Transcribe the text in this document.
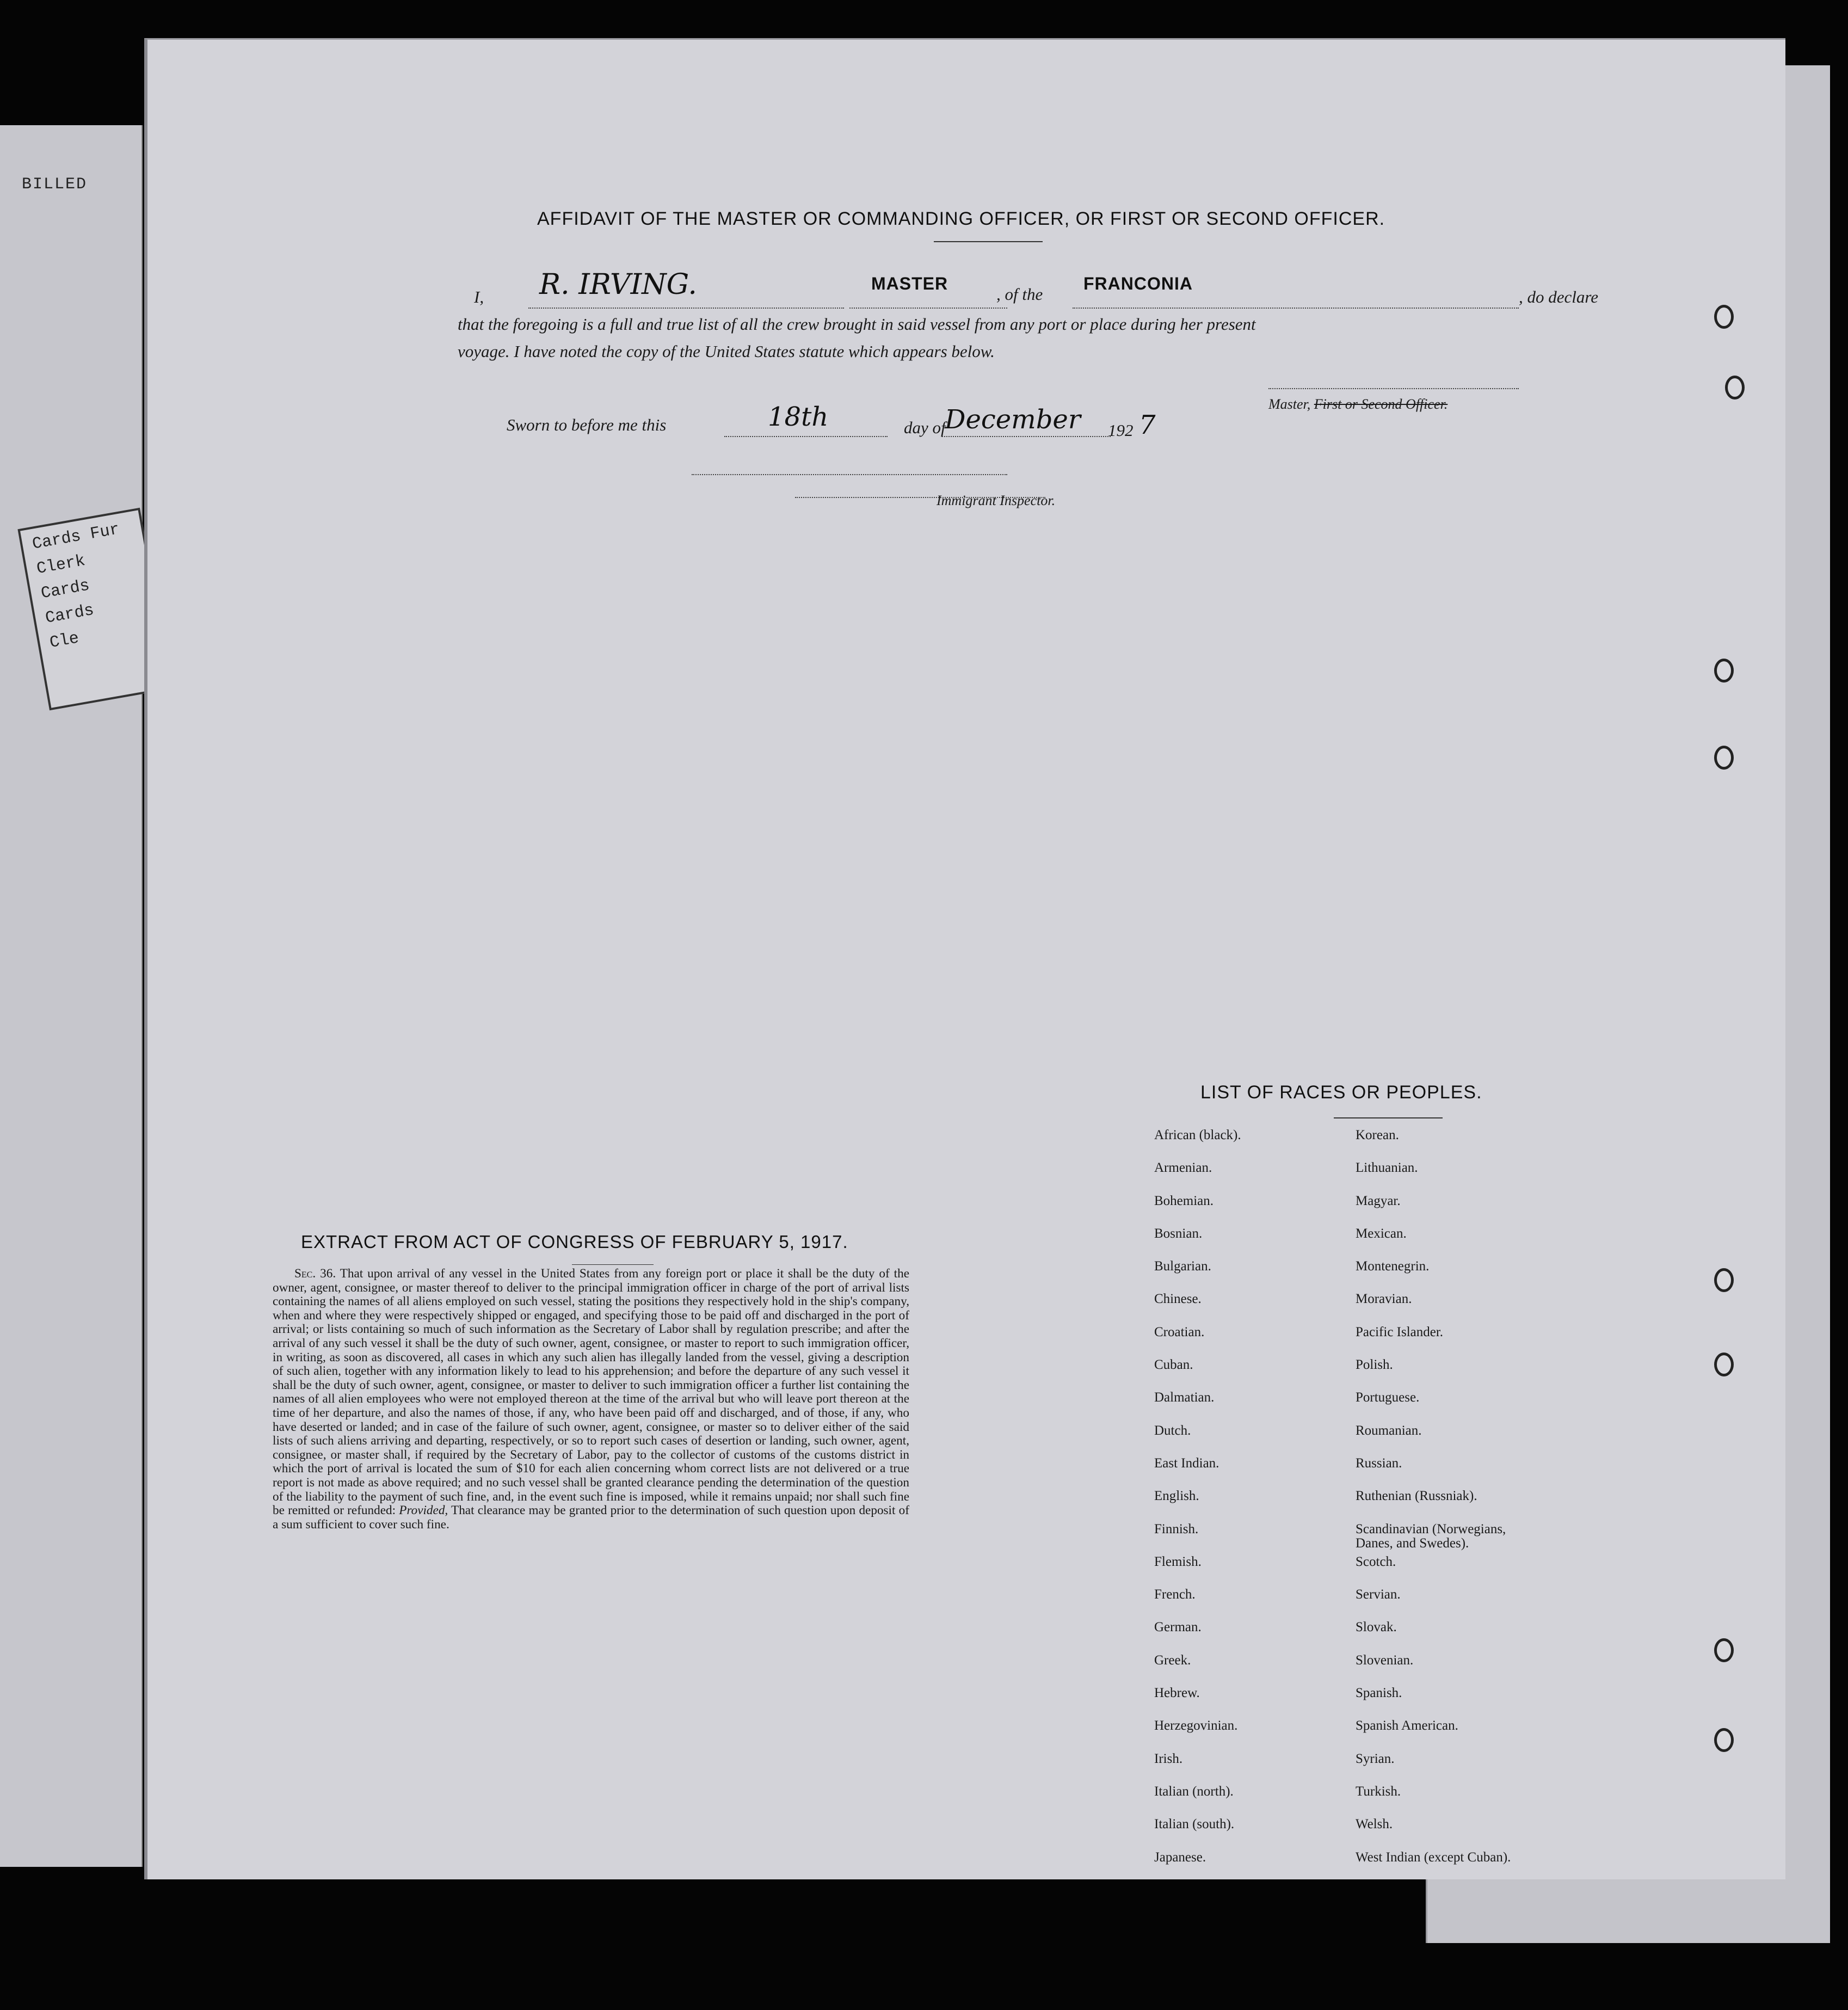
BILLED
Cards Fur
Clerk
Cards
Cards
Cle
AFFIDAVIT OF THE MASTER OR COMMANDING OFFICER, OR FIRST OR SECOND OFFICER.
I, R. IRVING.	MASTER
, of the
FRANCONIA
, do declare
that the foregoing is a full and true list of all the crew brought in said vessel from any port or place during her present
voyage. I have noted the copy of the United States statute which appears below.
Master, First or Second Officer.
Sworn to before me this	18th	day of
December 192 7
Immigrant Inspector.
LIST OF RACES OR PEOPLES.
EXTRACT FROM ACT OF CONGRESS OF FEBRUARY 5, 1917.
Sec. 36. That upon arrival of any vessel in the United States from any foreign port or place it shall be the duty of the owner, agent, consignee, or master thereof to deliver to the principal immigration officer in charge of the port of arrival lists containing the names of all aliens employed on such vessel, stating the positions they respectively hold in the ship's company, when and where they were respectively shipped or engaged, and specifying those to be paid off and discharged in the port of arrival; or lists containing so much of such information as the Secretary of Labor shall by regulation prescribe; and after the arrival of any such vessel it shall be the duty of such owner, agent, consignee, or master to report to such immigration officer, in writing, as soon as discovered, all cases in which any such alien has illegally landed from the vessel, giving a description of such alien, together with any information likely to lead to his apprehension; and before the departure of any such vessel it shall be the duty of such owner, agent, consignee, or master to deliver to such immigration officer a further list containing the names of all alien employees who were not employed thereon at the time of the arrival but who will leave port thereon at the time of her departure, and also the names of those, if any, who have been paid off and discharged, and of those, if any, who have deserted or landed; and in case of the failure of such owner, agent, consignee, or master so to deliver either of the said lists of such aliens arriving and departing, respectively, or so to report such cases of desertion or landing, such owner, agent, consignee, or master shall, if required by the Secretary of Labor, pay to the collector of customs of the customs district in which the port of arrival is located the sum of $10 for each alien concerning whom correct lists are not delivered or a true report is not made as above required; and no such vessel shall be granted clearance pending the determination of the question of the liability to the payment of such fine, and, in the event such fine is imposed, while it remains unpaid; nor shall such fine be remitted or refunded: Provided, That clearance may be granted prior to the determination of such question upon deposit of a sum sufficient to cover such fine.
African (black).	Korean.
Armenian.	Lithuanian.
Bohemian.	Magyar.
Bosnian.	Mexican.
Bulgarian.	Montenegrin.
Chinese.	Moravian.
Croatian.	Pacific Islander.
Cuban.	Polish.
Dalmatian.	Portuguese.
Dutch.	Roumanian.
East Indian.	Russian.
English.	Ruthenian (Russniak).
Finnish.	Scandinavian (Norwegians,
Danes, and Swedes).
Flemish.	Scotch.
French.	Servian.
German.	Slovak.
Greek.	Slovenian.
Hebrew.	Spanish.
Herzegovinian.	Spanish American.
Irish.	Syrian.
Italian (north).	Turkish.
Italian (south).	Welsh.
Japanese.	West Indian (except Cuban).
